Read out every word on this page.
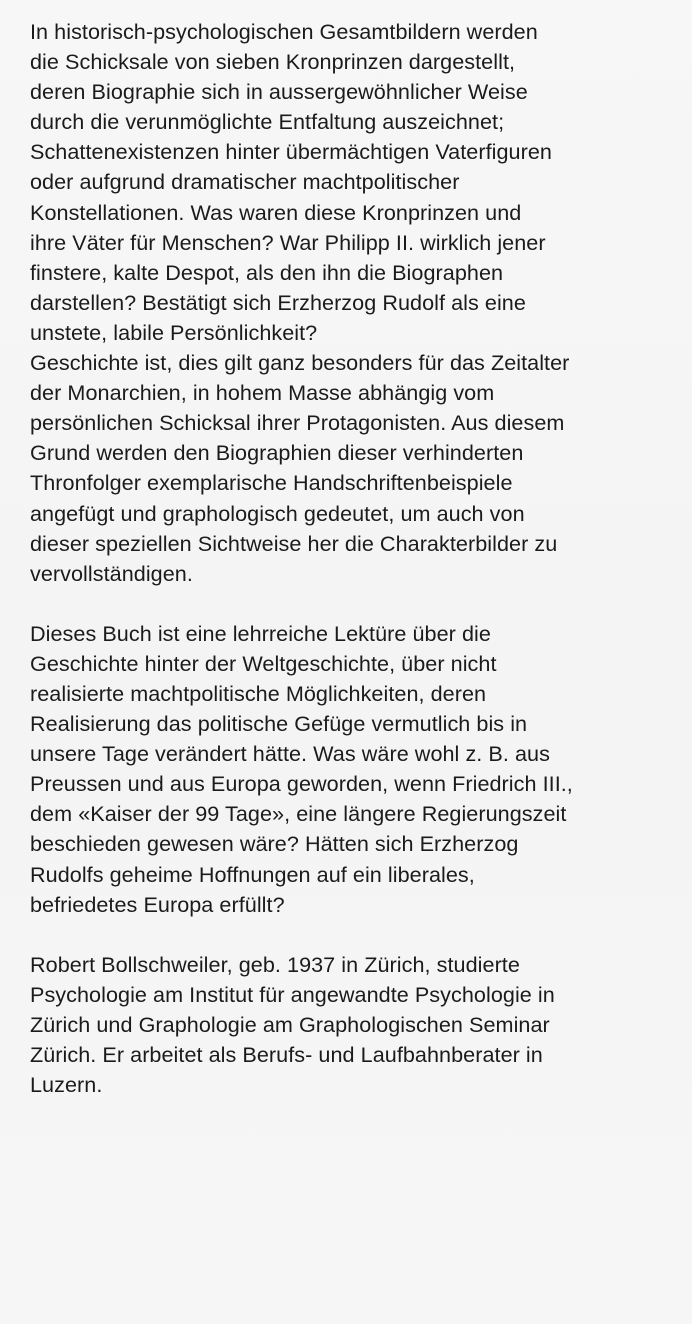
In historisch-psychologischen Gesamtbildern werden
die Schicksale von sieben Kronprinzen dargestellt,
deren Biographie sich in aussergewöhnlicher Weise
durch die verunmöglichte Entfaltung auszeichnet;
Schattenexistenzen hinter übermächtigen Vaterfiguren
oder aufgrund dramatischer machtpolitischer
Konstellationen. Was waren diese Kronprinzen und
ihre Väter für Menschen? War Philipp II. wirklich jener
finstere, kalte Despot, als den ihn die Biographen
darstellen? Bestätigt sich Erzherzog Rudolf als eine
unstete, labile Persönlichkeit?
Geschichte ist, dies gilt ganz besonders für das Zeitalter
der Monarchien, in hohem Masse abhängig vom
persönlichen Schicksal ihrer Protagonisten. Aus diesem
Grund werden den Biographien dieser verhinderten
Thronfolger exemplarische Handschriftenbeispiele
angefügt und graphologisch gedeutet, um auch von
dieser speziellen Sichtweise her die Charakterbilder zu
vervollständigen.
Dieses Buch ist eine lehrreiche Lektüre über die
Geschichte hinter der Weltgeschichte, über nicht
realisierte machtpolitische Möglichkeiten, deren
Realisierung das politische Gefüge vermutlich bis in
unsere Tage verändert hätte. Was wäre wohl z. B. aus
Preussen und aus Europa geworden, wenn Friedrich III.,
dem «Kaiser der 99 Tage», eine längere Regierungszeit
beschieden gewesen wäre? Hätten sich Erzherzog
Rudolfs geheime Hoffnungen auf ein liberales,
befriedetes Europa erfüllt?
Robert Bollschweiler, geb. 1937 in Zürich, studierte
Psychologie am Institut für angewandte Psychologie in
Zürich und Graphologie am Graphologischen Seminar
Zürich. Er arbeitet als Berufs- und Laufbahnberater in
Luzern.
